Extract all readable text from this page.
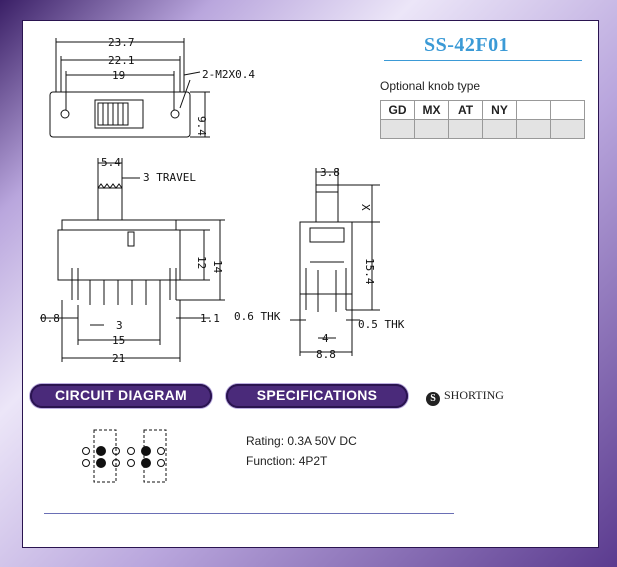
SS-42F01
Optional knob type
GD	MX	AT	NY		

23.7
22.1
19	2-M2X0.4
9.4
5.4
3 TRAVEL
12 14
0.8
3
15
21
1.1
3.8
X
15.4
0.6 THK
0.5 THK
4
8.8
CIRCUIT DIAGRAM	SPECIFICATIONS	S SHORTING
Rating: 0.3A 50V DC
Function: 4P2T
